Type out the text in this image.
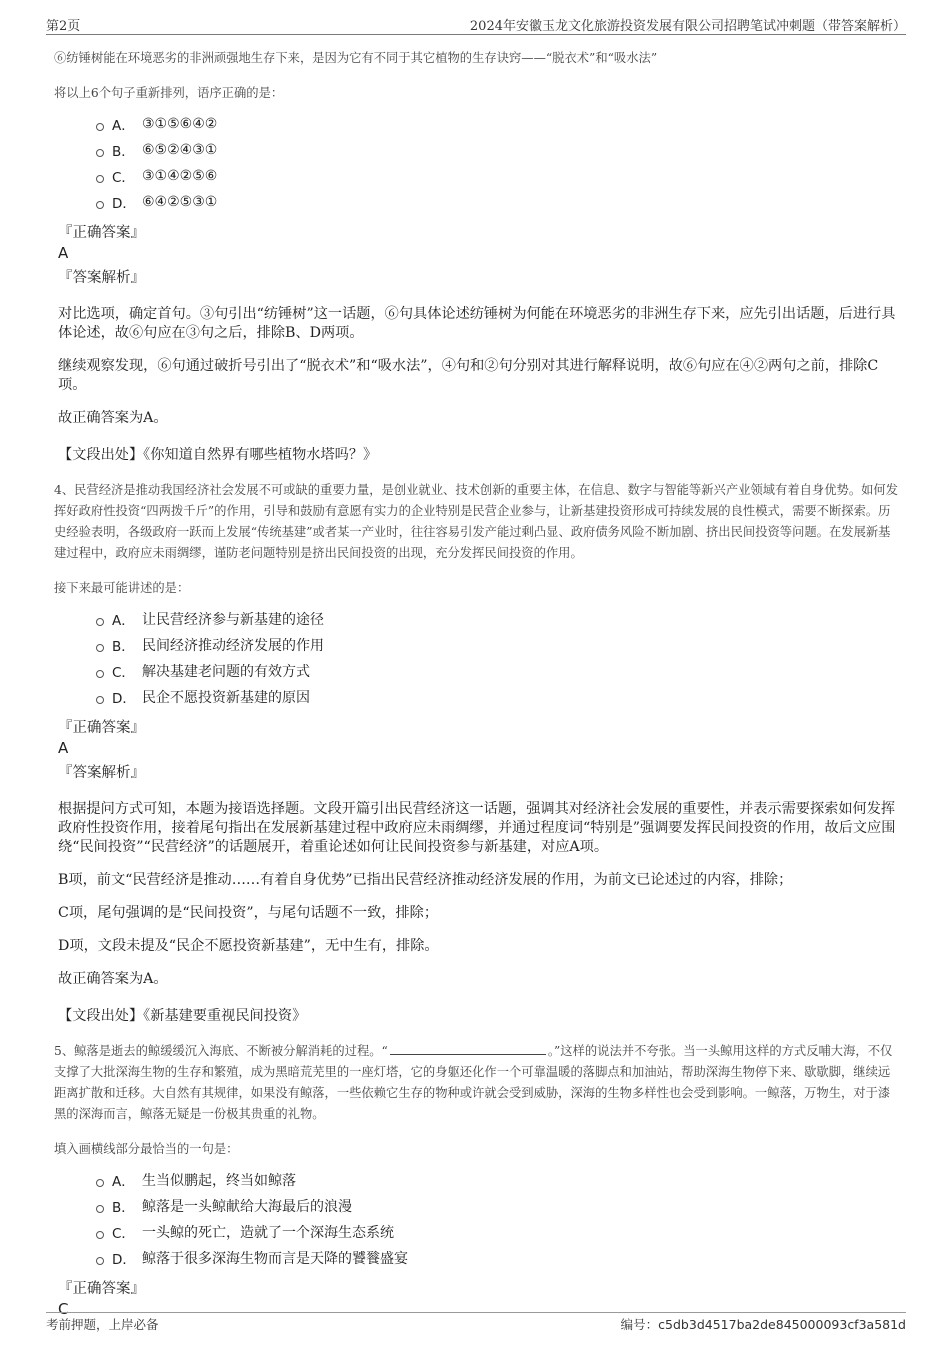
第2页	2024年安徽玉龙文化旅游投资发展有限公司招聘笔试冲刺题（带答案解析）

⑥纺锤树能在环境恶劣的非洲顽强地生存下来，是因为它有不同于其它植物的生存诀窍——“脱衣术”和“吸水法”

将以上6个句子重新排列，语序正确的是：

A． ③①⑤⑥④②
B． ⑥⑤②④③①
C． ③①④②⑤⑥
D． ⑥④②⑤③①
『正确答案』
A
『答案解析』

对比选项，确定首句。③句引出“纺锤树”这一话题，⑥句具体论述纺锤树为何能在环境恶劣的非洲生存下来，应先引出话题，后进行具体论述，故⑥句应在③句之后，排除B、D两项。

继续观察发现，⑥句通过破折号引出了“脱衣术”和“吸水法”，④句和②句分别对其进行解释说明，故⑥句应在④②两句之前，排除C项。

故正确答案为A。

【文段出处】《你知道自然界有哪些植物水塔吗？》

4、民营经济是推动我国经济社会发展不可或缺的重要力量，是创业就业、技术创新的重要主体，在信息、数字与智能等新兴产业领域有着自身优势。如何发挥好政府性投资“四两拨千斤”的作用，引导和鼓励有意愿有实力的企业特别是民营企业参与，让新基建投资形成可持续发展的良性模式，需要不断探索。历史经验表明，各级政府一跃而上发展“传统基建”或者某一产业时，往往容易引发产能过剩凸显、政府债务风险不断加剧、挤出民间投资等问题。在发展新基建过程中，政府应未雨绸缪，谨防老问题特别是挤出民间投资的出现，充分发挥民间投资的作用。

接下来最可能讲述的是：

A． 让民营经济参与新基建的途径
B． 民间经济推动经济发展的作用
C． 解决基建老问题的有效方式
D． 民企不愿投资新基建的原因
『正确答案』
A
『答案解析』

根据提问方式可知，本题为接语选择题。文段开篇引出民营经济这一话题，强调其对经济社会发展的重要性，并表示需要探索如何发挥政府性投资作用，接着尾句指出在发展新基建过程中政府应未雨绸缪，并通过程度词“特别是”强调要发挥民间投资的作用，故后文应围绕“民间投资”“民营经济”的话题展开，着重论述如何让民间投资参与新基建，对应A项。

B项，前文“民营经济是推动……有着自身优势”已指出民营经济推动经济发展的作用，为前文已论述过的内容，排除；

C项，尾句强调的是“民间投资”，与尾句话题不一致，排除；

D项，文段未提及“民企不愿投资新基建”，无中生有，排除。

故正确答案为A。

【文段出处】《新基建要重视民间投资》

5、鲸落是逝去的鲸缓缓沉入海底、不断被分解消耗的过程。“	。”这样的说法并不夸张。当一头鲸用这样的方式反哺大海，不仅支撑了大批深海生物的生存和繁殖，成为黑暗荒芜里的一座灯塔，它的身躯还化作一个可靠温暖的落脚点和加油站，帮助深海生物停下来、歇歇脚，继续远距离扩散和迁移。大自然有其规律，如果没有鲸落，一些依赖它生存的物种或许就会受到威胁，深海的生物多样性也会受到影响。一鲸落，万物生，对于漆黑的深海而言，鲸落无疑是一份极其贵重的礼物。

填入画横线部分最恰当的一句是：

A． 生当似鹏起，终当如鲸落
B． 鲸落是一头鲸献给大海最后的浪漫
C． 一头鲸的死亡，造就了一个深海生态系统
D． 鲸落于很多深海生物而言是天降的饕餮盛宴
『正确答案』
C
考前押题，上岸必备	编号：c5db3d4517ba2de845000093cf3a581d
